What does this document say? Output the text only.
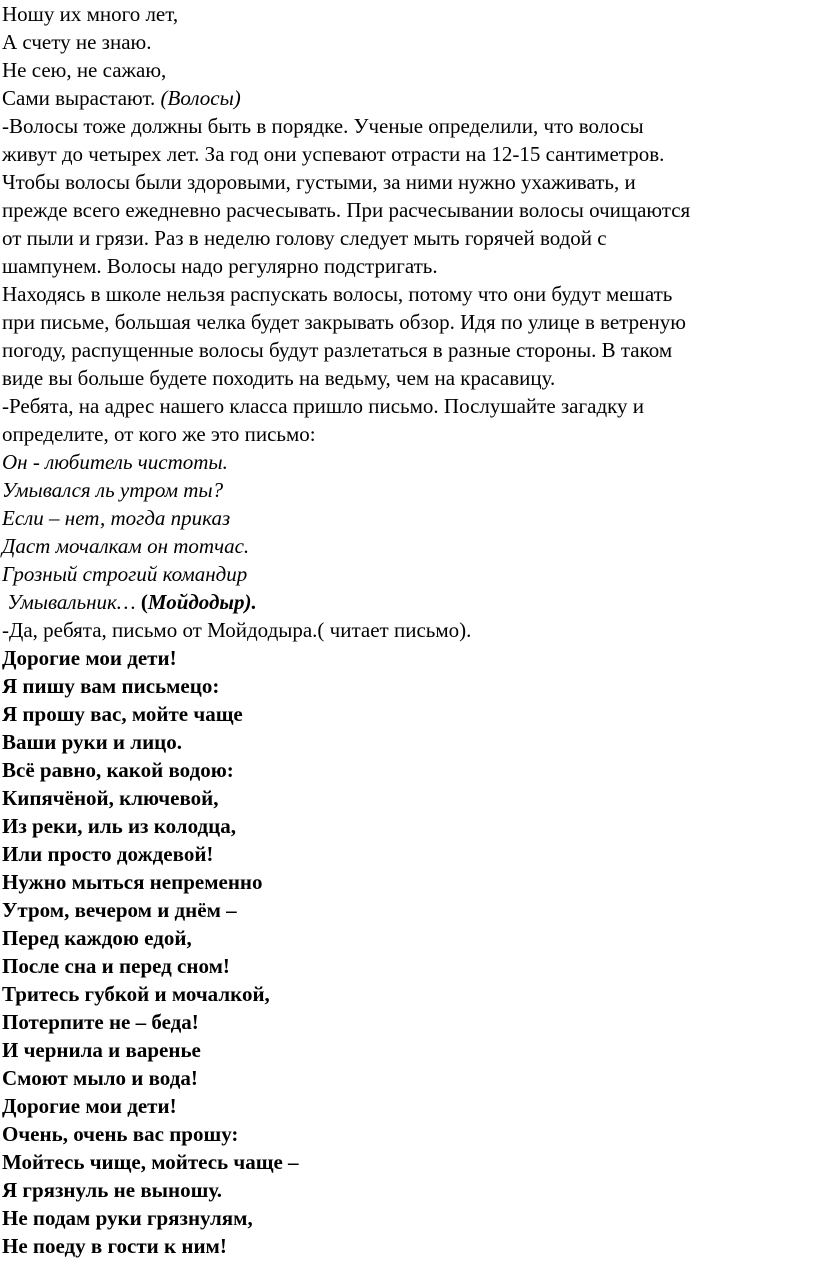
Ношу их много лет,
А счету не знаю.
Не сею, не сажаю,
Сами вырастают. (Волосы)
-Волосы тоже должны быть в порядке. Ученые определили, что волосы
живут до четырех лет. За год они успевают отрасти на 12-15 сантиметров.
Чтобы волосы были здоровыми, густыми, за ними нужно ухаживать, и
прежде всего ежедневно расчесывать. При расчесывании волосы очищаются
от пыли и грязи. Раз в неделю голову следует мыть горячей водой с
шампунем. Волосы надо регулярно подстригать.
Находясь в школе нельзя распускать волосы, потому что они будут мешать
при письме, большая челка будет закрывать обзор. Идя по улице в ветреную
погоду, распущенные волосы будут разлетаться в разные стороны. В таком
виде вы больше будете походить на ведьму, чем на красавицу.
-Ребята, на адрес нашего класса пришло письмо. Послушайте загадку и
определите, от кого же это письмо:
Он - любитель чистоты.
Умывался ль утром ты?
Если – нет, тогда приказ
Даст мочалкам он тотчас.
Грозный строгий командир
Умывальник… (Мойдодыр).
-Да, ребята, письмо от Мойдодыра.( читает письмо).
Дорогие мои дети!
Я пишу вам письмецо:
Я прошу вас, мойте чаще
Ваши руки и лицо.
Всё равно, какой водою:
Кипячёной, ключевой,
Из реки, иль из колодца,
Или просто дождевой!
Нужно мыться непременно
Утром, вечером и днём –
Перед каждою едой,
После сна и перед сном!
Тритесь губкой и мочалкой,
Потерпите не – беда!
И чернила и варенье
Смоют мыло и вода!
Дорогие мои дети!
Очень, очень вас прошу:
Мойтесь чище, мойтесь чаще –
Я грязнуль не выношу.
Не подам руки грязнулям,
Не поеду в гости к ним!
